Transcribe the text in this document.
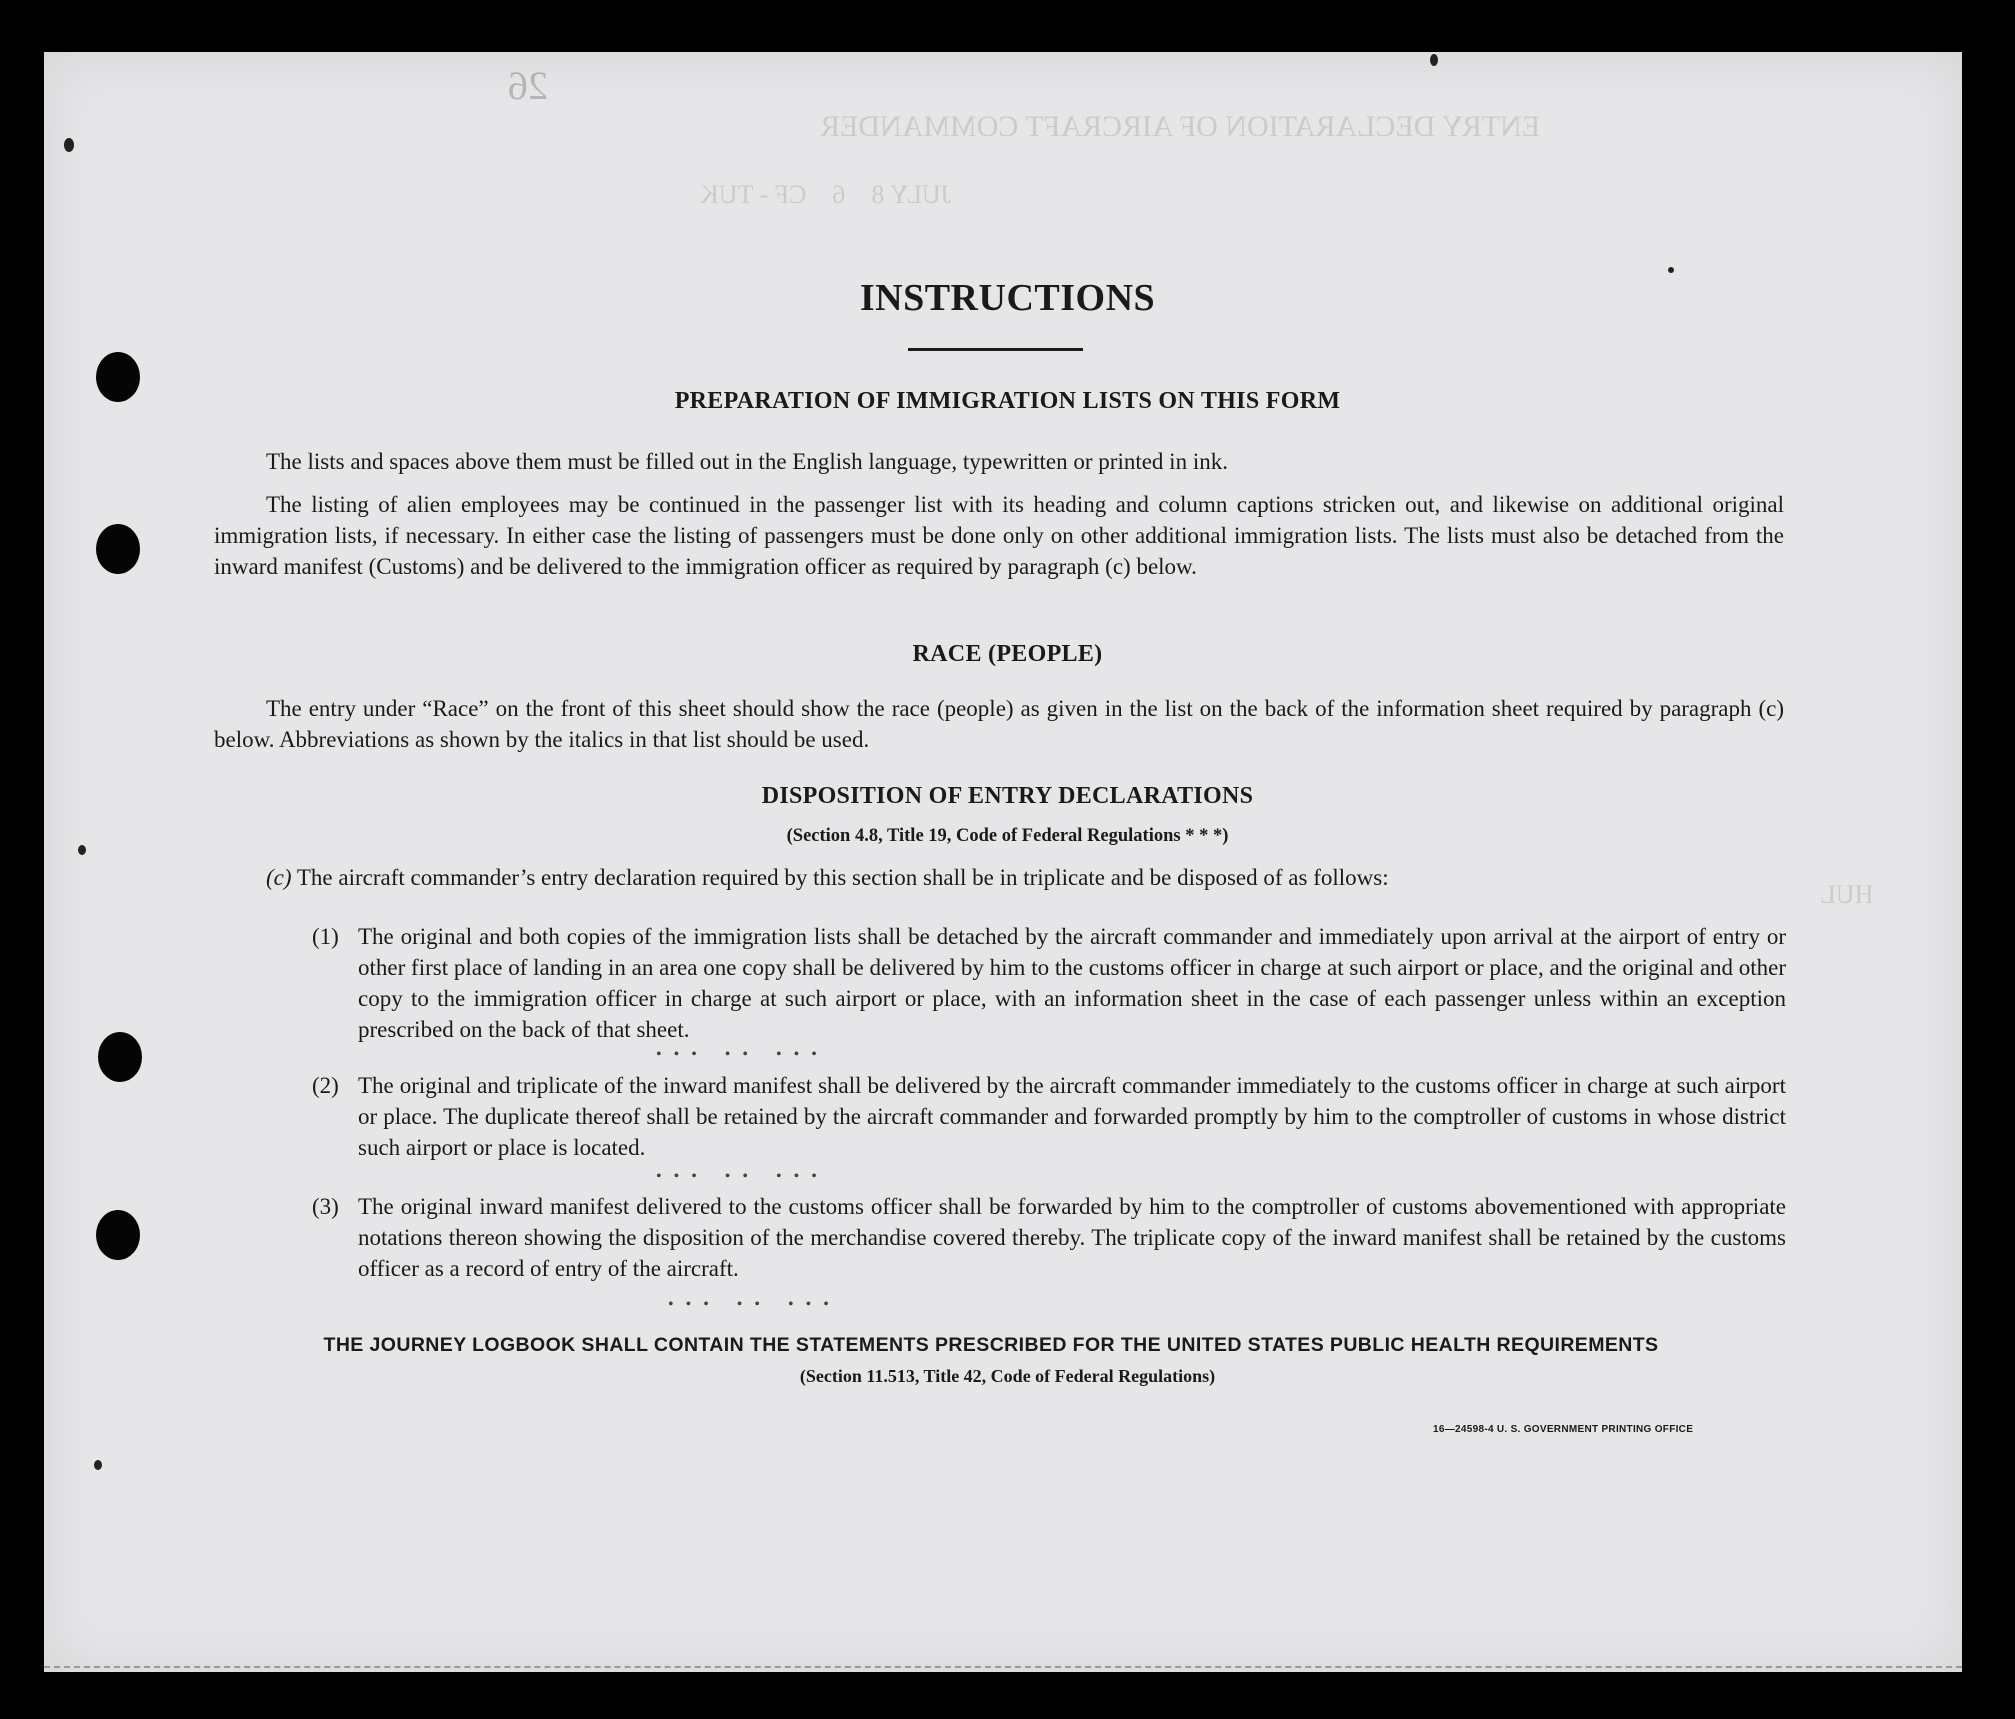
ENTRY DECLARATION OF AIRCRAFT COMMANDER
JULY 8    6    CF - TUK
HUL
26
INSTRUCTIONS
PREPARATION OF IMMIGRATION LISTS ON THIS FORM
The lists and spaces above them must be filled out in the English language, typewritten or printed in ink.
The listing of alien employees may be continued in the passenger list with its heading and column captions stricken out, and likewise on additional original immigration lists, if necessary. In either case the listing of passengers must be done only on other additional immigration lists. The lists must also be detached from the inward manifest (Customs) and be delivered to the immigration officer as required by paragraph (c) below.
RACE (PEOPLE)
The entry under “Race” on the front of this sheet should show the race (people) as given in the list on the back of the information sheet required by paragraph (c) below. Abbreviations as shown by the italics in that list should be used.
DISPOSITION OF ENTRY DECLARATIONS
(Section 4.8, Title 19, Code of Federal Regulations * * *)
(c) The aircraft commander’s entry declaration required by this section shall be in triplicate and be disposed of as follows:
(1) The original and both copies of the immigration lists shall be detached by the aircraft commander and immediately upon arrival at the airport of entry or other first place of landing in an area one copy shall be delivered by him to the customs officer in charge at such airport or place, and the original and other copy to the immigration officer in charge at such airport or place, with an information sheet in the case of each passenger unless within an exception prescribed on the back of that sheet.
••• •• •••
(2) The original and triplicate of the inward manifest shall be delivered by the aircraft commander immediately to the customs officer in charge at such airport or place. The duplicate thereof shall be retained by the aircraft commander and forwarded promptly by him to the comptroller of customs in whose district such airport or place is located.
••• •• •••
(3) The original inward manifest delivered to the customs officer shall be forwarded by him to the comptroller of customs abovementioned with appropriate notations thereon showing the disposition of the merchandise covered thereby. The triplicate copy of the inward manifest shall be retained by the customs officer as a record of entry of the aircraft.
••• •• •••
THE JOURNEY LOGBOOK SHALL CONTAIN THE STATEMENTS PRESCRIBED FOR THE UNITED STATES PUBLIC HEALTH REQUIREMENTS
(Section 11.513, Title 42, Code of Federal Regulations)
16—24598-4 U. S. GOVERNMENT PRINTING OFFICE
